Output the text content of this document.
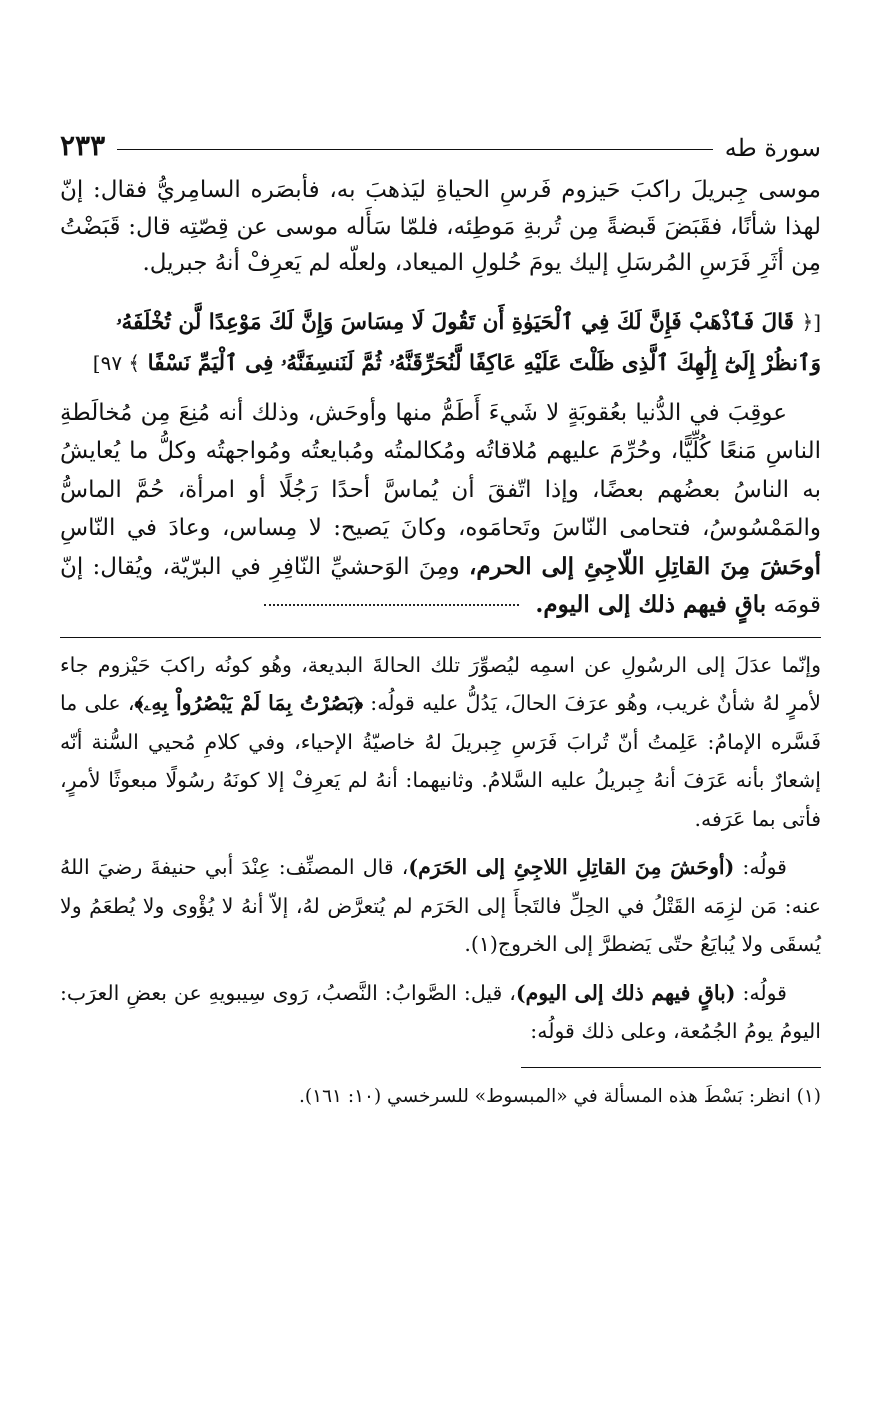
سورة طه
٢٣٣

موسى جِبريلَ راكبَ حَيزوم فَرسِ الحياةِ ليَذهبَ به، فأبصَره السامِريُّ فقال: إنّ لهذا شأنًا، فقَبَضَ قَبضةً مِن تُربةِ مَوطِئه، فلمّا سَأَله موسى عن قِصّتِه قال: قَبَضْتُ مِن أثَرِ فَرَسِ المُرسَلِ إليك يومَ حُلولِ الميعاد، ولعلّه لم يَعرِفْ أنهُ جبريل.

[﴿ قَالَ فَٱذْهَبْ فَإِنَّ لَكَ فِي ٱلْحَيَوٰةِ أَن تَقُولَ لَا مِسَاسَ وَإِنَّ لَكَ مَوْعِدًا لَّن تُخْلَفَهُۥ وَٱنظُرْ إِلَىٰٓ إِلَٰهِكَ ٱلَّذِى ظَلْتَ عَلَيْهِ عَاكِفًا لَّنُحَرِّقَنَّهُۥ ثُمَّ لَنَنسِفَنَّهُۥ فِى ٱلْيَمِّ نَسْفًا ﴾ ٩٧]

عوقِبَ في الدُّنيا بعُقوبَةٍ لا شَيءَ أَطَمُّ منها وأوحَش، وذلك أنه مُنِعَ مِن مُخالَطةِ الناسِ مَنعًا كُلِّيًّا، وحُرِّمَ عليهم مُلاقاتُه ومُكالمتُه ومُبايعتُه ومُواجهتُه وكلُّ ما يُعايشُ به الناسُ بعضُهم بعضًا، وإذا اتّفقَ أن يُماسَّ أحدًا رَجُلًا أو امرأة، حُمَّ الماسُّ والمَمْسُوسُ، فتحامى النّاسَ وتَحامَوه، وكانَ يَصيح: لا مِساس، وعادَ في النّاسِ أوحَشَ مِنَ القاتِلِ اللّاجِئِ إلى الحرم، ومِنَ الوَحشيِّ النّافِرِ في البرّيّة، ويُقال: إنّ قومَه باقٍ فيهم ذلك إلى اليوم.

وإنّما عدَلَ إلى الرسُولِ عن اسمِه ليُصوِّرَ تلك الحالةَ البديعة، وهُو كونُه راكبَ حَيْزوم جاء لأمرٍ لهُ شأنٌ غريب، وهُو عرَفَ الحالَ، يَدُلُّ عليه قولُه: ﴿بَصُرْتُ بِمَا لَمْ يَبْصُرُواْ بِهِۦ﴾، على ما فَسَّره الإمامُ: عَلِمتُ أنّ تُرابَ فَرَسِ جِبريلَ لهُ خاصيّةُ الإحياء، وفي كلامِ مُحيي السُّنة أنّه إشعارٌ بأنه عَرَفَ أنهُ جِبريلُ عليه السَّلامُ. وثانيهما: أنهُ لم يَعرِفْ إلا كونَهُ رسُولًا مبعوثًا لأمرٍ، فأتى بما عَرَفه.

قولُه: (أوحَشَ مِنَ القاتِلِ اللاجِئِ إلى الحَرَم)، قال المصنِّف: عِنْدَ أبي حنيفةَ رضيَ اللهُ عنه: مَن لزِمَه القَتْلُ في الحِلِّ فالتَجأَ إلى الحَرَم لم يُتعرَّض لهُ، إلاّ أنهُ لا يُؤْوى ولا يُطعَمُ ولا يُسقَى ولا يُبايَعُ حتّى يَضطرَّ إلى الخروج(١).

قولُه: (باقٍ فيهم ذلك إلى اليوم)، قيل: الصَّوابُ: النَّصبُ، رَوى سِيبويهِ عن بعضِ العرَب: اليومُ يومُ الجُمُعة، وعلى ذلك قولُه:

(١) انظر: بَسْطَ هذه المسألة في «المبسوط» للسرخسي (١٠: ١٦١).
